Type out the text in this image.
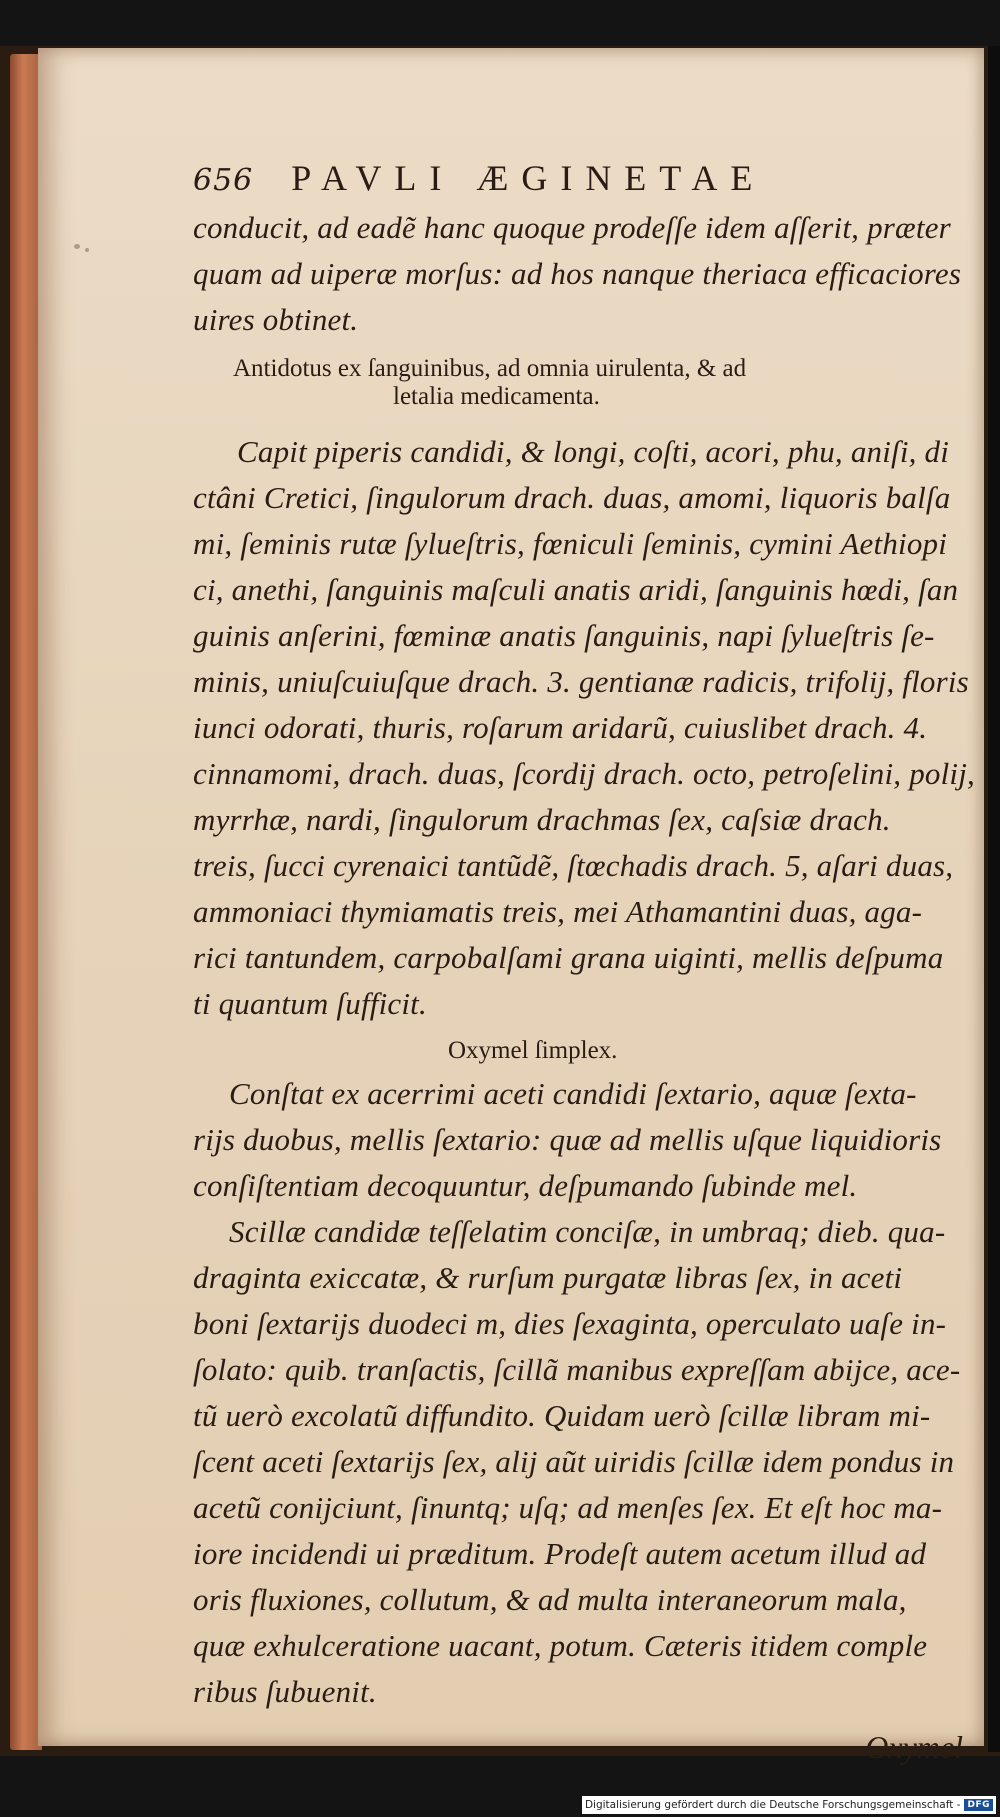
656 PAVLI ÆGINETAE
conducit, ad eadẽ hanc quoque prodeſſe idem aſſerit, præter
quam ad uiperæ morſus: ad hos nanque theriaca efficaciores
uires obtinet.
Antidotus ex ſanguinibus, ad omnia uirulenta, & ad
letalia medicamenta.
Capit piperis candidi, & longi, coſti, acori, phu, aniſi, di
ctâni Cretici, ſingulorum drach. duas, amomi, liquoris balſa
mi, ſeminis rutæ ſylueſtris, fœniculi ſeminis, cymini Aethiopi
ci, anethi, ſanguinis maſculi anatis aridi, ſanguinis hœdi, ſan
guinis anſerini, fœminæ anatis ſanguinis, napi ſylueſtris ſe-
minis, uniuſcuiuſque drach. 3. gentianæ radicis, trifolij, floris
iunci odorati, thuris, roſarum aridarũ, cuiuslibet drach. 4.
cinnamomi, drach. duas, ſcordij drach. octo, petroſelini, polij,
myrrhæ, nardi, ſingulorum drachmas ſex, caſsiæ drach.
treis, ſucci cyrenaici tantũdẽ, ſtœchadis drach. 5, aſari duas,
ammoniaci thymiamatis treis, mei Athamantini duas, aga-
rici tantundem, carpobalſami grana uiginti, mellis deſpuma
ti quantum ſufficit.
Oxymel ſimplex.
Conſtat ex acerrimi aceti candidi ſextario, aquæ ſexta-
rijs duobus, mellis ſextario: quæ ad mellis uſque liquidioris
conſiſtentiam decoquuntur, deſpumando ſubinde mel.
Scillæ candidæ teſſelatim conciſæ, in umbraq; dieb. qua-
draginta exiccatæ, & rurſum purgatæ libras ſex, in aceti
boni ſextarijs duodeci m, dies ſexaginta, operculato uaſe in-
ſolato: quib. tranſactis, ſcillã manibus expreſſam abijce, ace-
tũ uerò excolatũ diffundito. Quidam uerò ſcillæ libram mi-
ſcent aceti ſextarijs ſex, alij aũt uiridis ſcillæ idem pondus in
acetũ conijciunt, ſinuntq; uſq; ad menſes ſex. Et eſt hoc ma-
iore incidendi ui præditum. Prodeſt autem acetum illud ad
oris fluxiones, collutum, & ad multa interaneorum mala,
quæ exhulceratione uacant, potum. Cæteris itidem comple
ribus ſubuenit.
Oxymel
Digitalisierung gefördert durch die Deutsche Forschungsgemeinschaft - DFG
